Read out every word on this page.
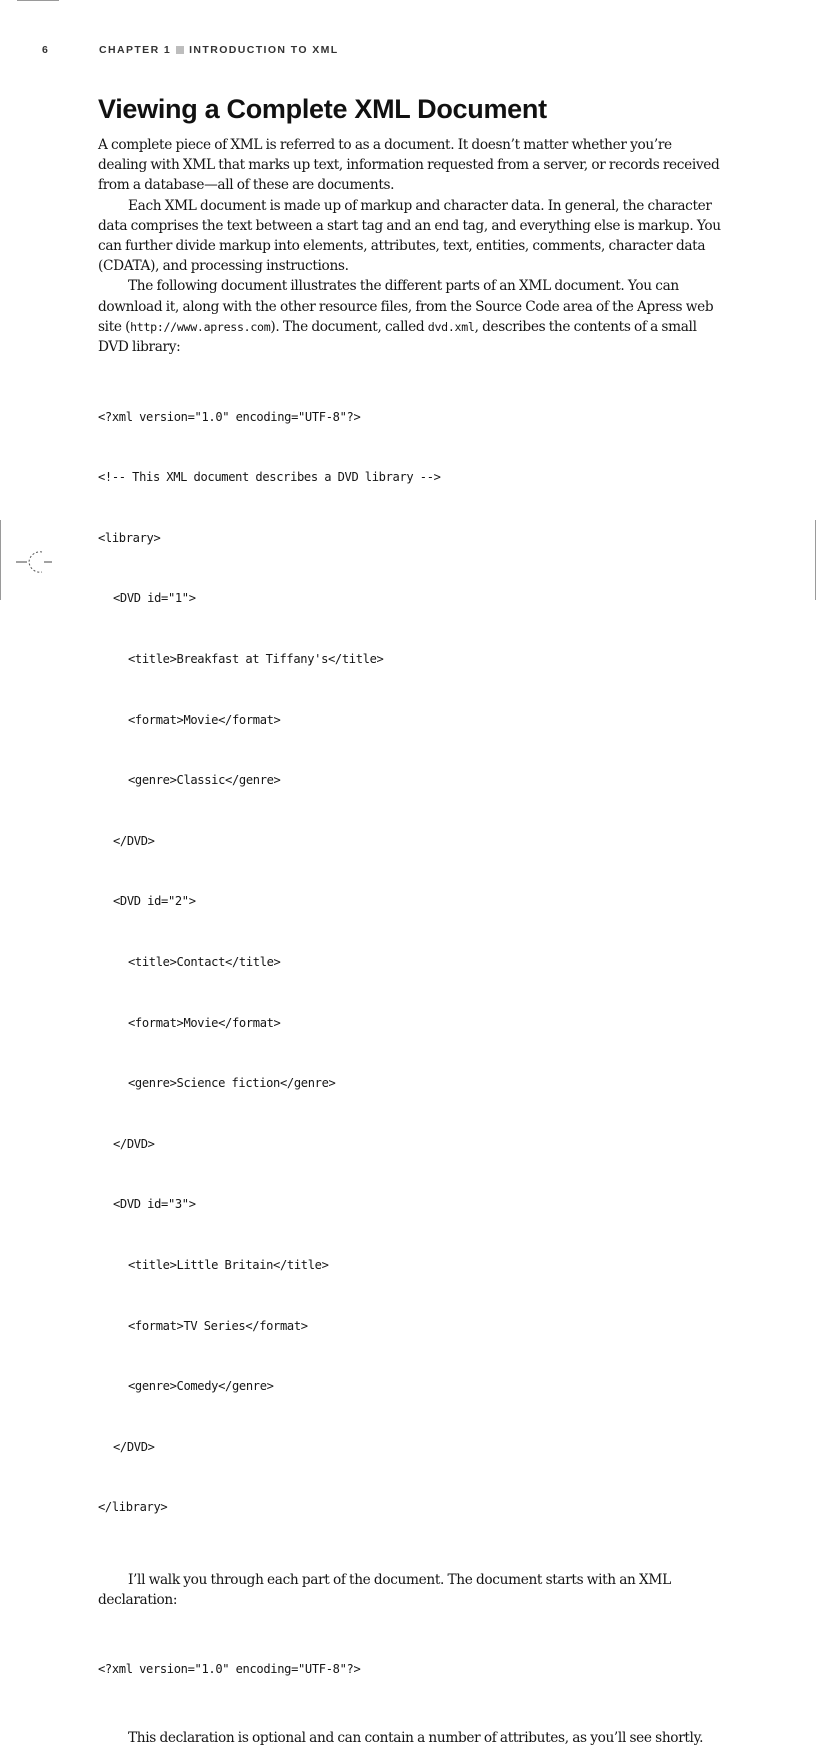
6	CHAPTER 1 INTRODUCTION TO XML
Viewing a Complete XML Document

A complete piece of XML is referred to as a document. It doesn’t matter whether you’re dealing with XML that marks up text, information requested from a server, or records received from a database—all of these are documents.

Each XML document is made up of markup and character data. In general, the character data comprises the text between a start tag and an end tag, and everything else is markup. You can further divide markup into elements, attributes, text, entities, comments, character data (CDATA), and processing instructions.

The following document illustrates the different parts of an XML document. You can download it, along with the other resource files, from the Source Code area of the Apress web site (http://www.apress.com). The document, called dvd.xml, describes the contents of a small DVD library:

<?xml version="1.0" encoding="UTF-8"?>

<!-- This XML document describes a DVD library -->

<library>

<DVD id="1">

<title>Breakfast at Tiffany's</title>

<format>Movie</format>

<genre>Classic</genre>

</DVD>

<DVD id="2">

<title>Contact</title>

<format>Movie</format>

<genre>Science fiction</genre>

</DVD>

<DVD id="3">

<title>Little Britain</title>

<format>TV Series</format>

<genre>Comedy</genre>

</DVD>

</library>

I’ll walk you through each part of the document. The document starts with an XML declaration:

<?xml version="1.0" encoding="UTF-8"?>

This declaration is optional and can contain a number of attributes, as you’ll see shortly.
